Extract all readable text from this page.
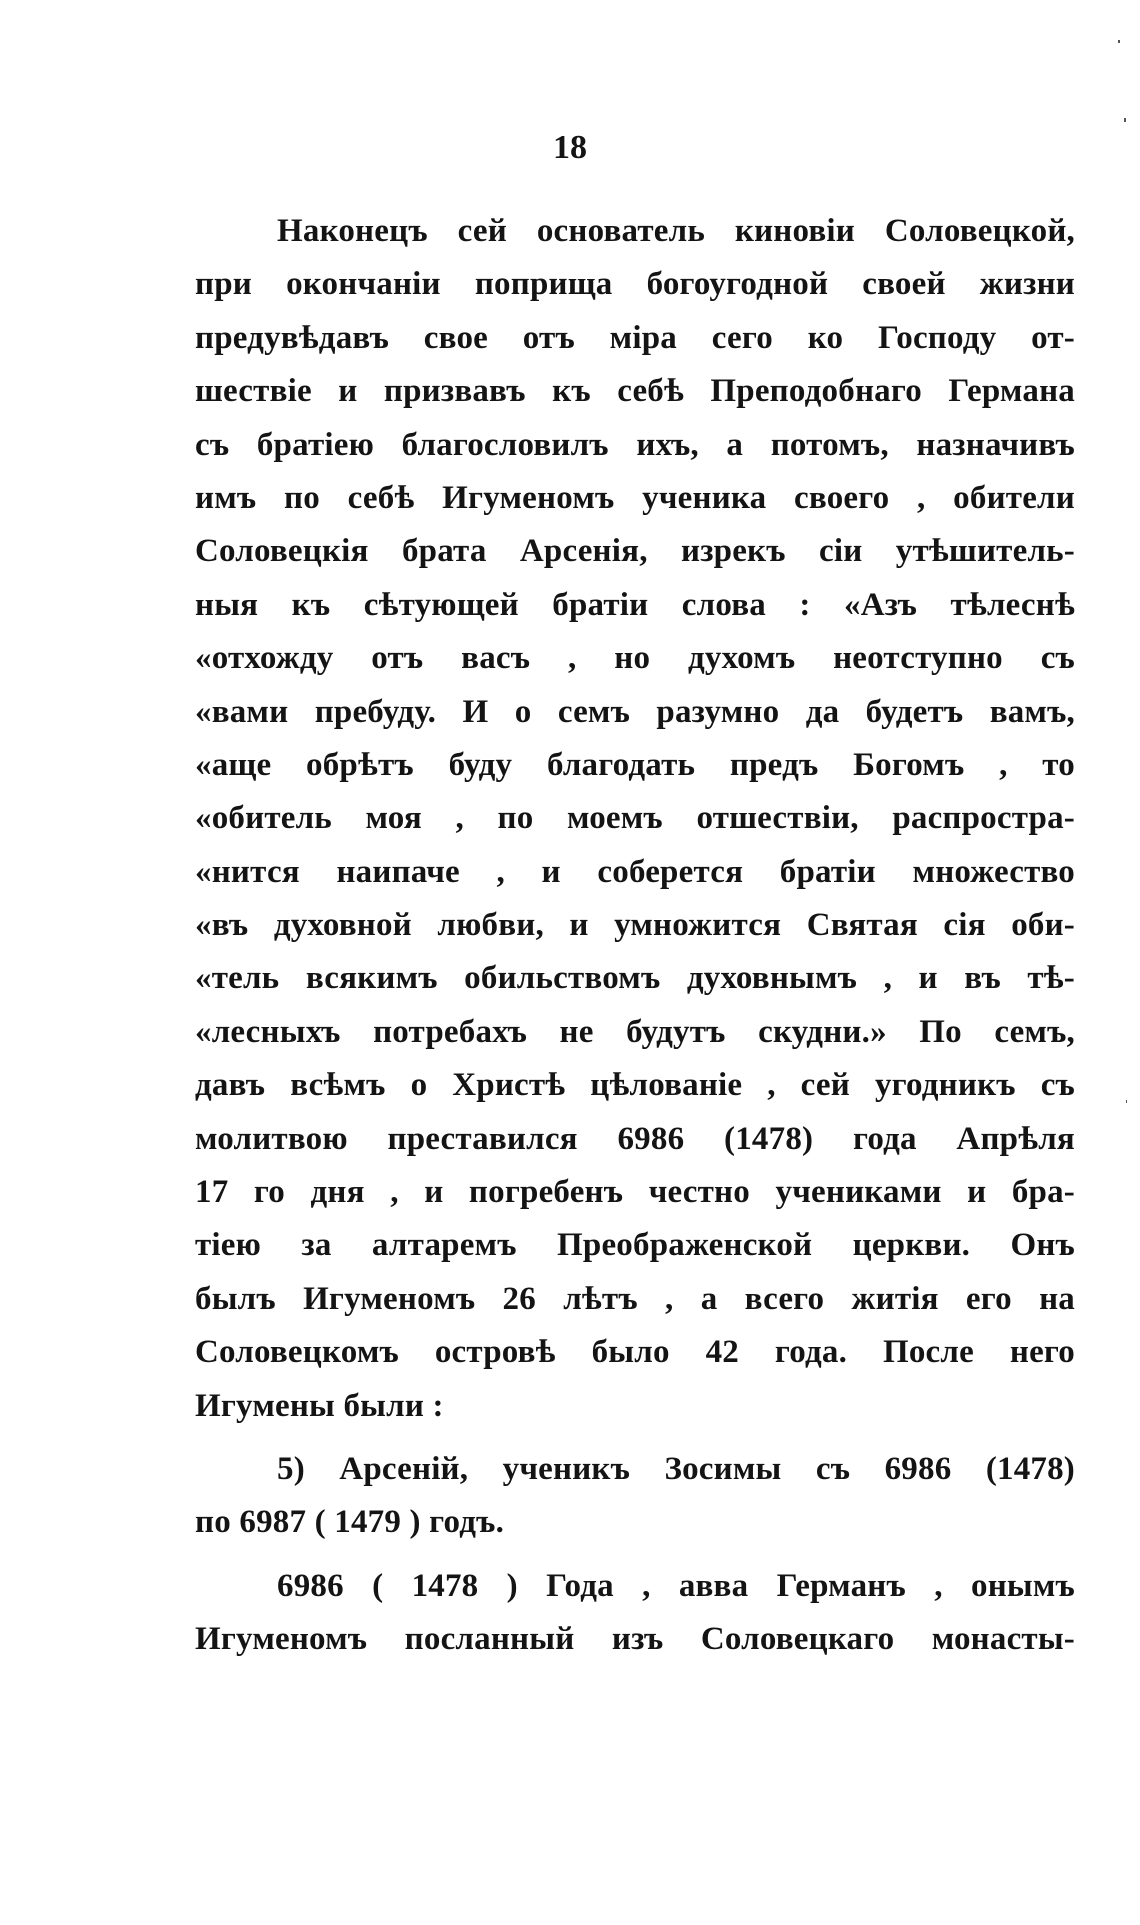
18
Наконецъ сей основатель киновіи Соловецкой,
при окончаніи поприща богоугодной своей жизни
предувѣдавъ свое отъ міра сего ко Господу от-
шествіе и призвавъ къ себѣ Преподобнаго Германа
съ братіею благословилъ ихъ, а потомъ, назначивъ
имъ по себѣ Игуменомъ ученика своего , обители
Соловецкія брата Арсенія, изрекъ сіи утѣшитель-
ныя къ сѣтующей братіи слова : «Азъ тѣлеснѣ
«отхожду отъ васъ , но духомъ неотступно съ
«вами пребуду. И о семъ разумно да будетъ вамъ,
«аще обрѣтъ буду благодать предъ Богомъ , то
«обитель моя , по моемъ отшествіи, распростра-
«нится наипаче , и соберется братіи множество
«въ духовной любви, и умножится Святая сія оби-
«тель всякимъ обильствомъ духовнымъ , и въ тѣ-
«лесныхъ потребахъ не будутъ скудни.» По семъ,
давъ всѣмъ о Христѣ цѣлованіе , сей угодникъ съ
молитвою преставился 6986 (1478) года Апрѣля
17 го дня , и погребенъ честно учениками и бра-
тіею за алтаремъ Преображенской церкви. Онъ
былъ Игуменомъ 26 лѣтъ , а всего житія его на
Соловецкомъ островѣ было 42 года. После него
Игумены были :
5) Арсеній, ученикъ Зосимы съ 6986 (1478)
по 6987 ( 1479 ) годъ.
6986 ( 1478 ) Года , авва Германъ , онымъ
Игуменомъ посланный изъ Соловецкаго монасты-
